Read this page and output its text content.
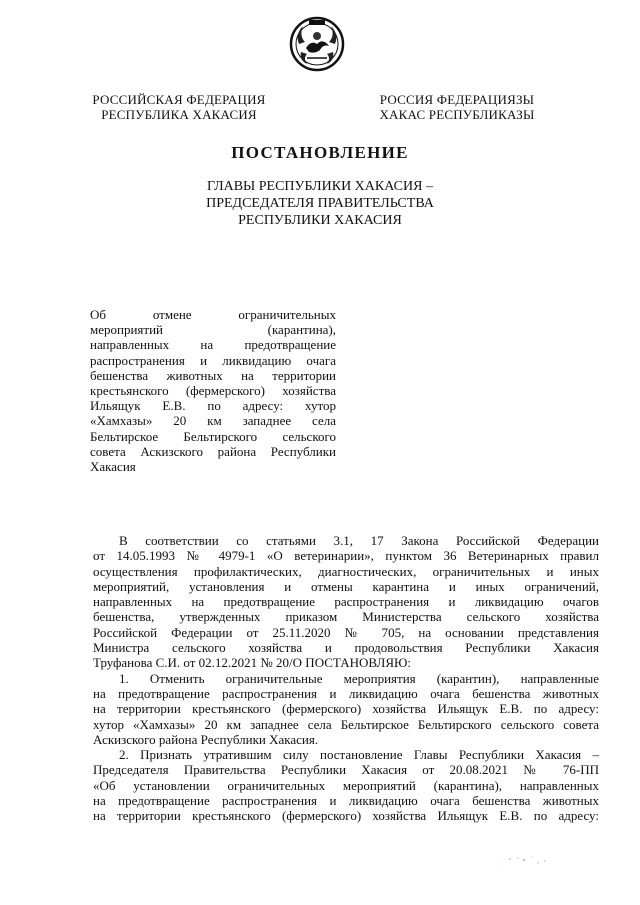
РОССИЙСКАЯ ФЕДЕРАЦИЯ
РЕСПУБЛИКА ХАКАСИЯ
РОССИЯ ФЕДЕРАЦИЯЗЫ
ХАКАС РЕСПУБЛИКАЗЫ
ПОСТАНОВЛЕНИЕ
ГЛАВЫ РЕСПУБЛИКИ ХАКАСИЯ –
ПРЕДСЕДАТЕЛЯ ПРАВИТЕЛЬСТВА
РЕСПУБЛИКИ ХАКАСИЯ
Об отмене ограничительных
мероприятий (карантина),
направленных на предотвращение
распространения и ликвидацию очага
бешенства животных на территории
крестьянского (фермерского) хозяйства
Ильящук Е.В. по адресу: хутор
«Хамхазы» 20 км западнее села
Бельтирское Бельтирского сельского
совета Аскизского района Республики
Хакасия
В соответствии со статьями 3.1, 17 Закона Российской Федерации
от 14.05.1993 № 4979-1 «О ветеринарии», пунктом 36 Ветеринарных правил
осуществления профилактических, диагностических, ограничительных и иных
мероприятий, установления и отмены карантина и иных ограничений,
направленных на предотвращение распространения и ликвидацию очагов
бешенства, утвержденных приказом Министерства сельского хозяйства
Российской Федерации от 25.11.2020 № 705, на основании представления
Министра сельского хозяйства и продовольствия Республики Хакасия
Труфанова С.И. от 02.12.2021 № 20/О ПОСТАНОВЛЯЮ:
1. Отменить ограничительные мероприятия (карантин), направленные
на предотвращение распространения и ликвидацию очага бешенства животных
на территории крестьянского (фермерского) хозяйства Ильящук Е.В. по адресу:
хутор «Хамхазы» 20 км западнее села Бельтирское Бельтирского сельского совета
Аскизского района Республики Хакасия.
2. Признать утратившим силу постановление Главы Республики Хакасия –
Председателя Правительства Республики Хакасия от 20.08.2021 № 76-ПП
«Об установлении ограничительных мероприятий (карантина), направленных
на предотвращение распространения и ликвидацию очага бешенства животных
на территории крестьянского (фермерского) хозяйства Ильящук Е.В. по адресу:
